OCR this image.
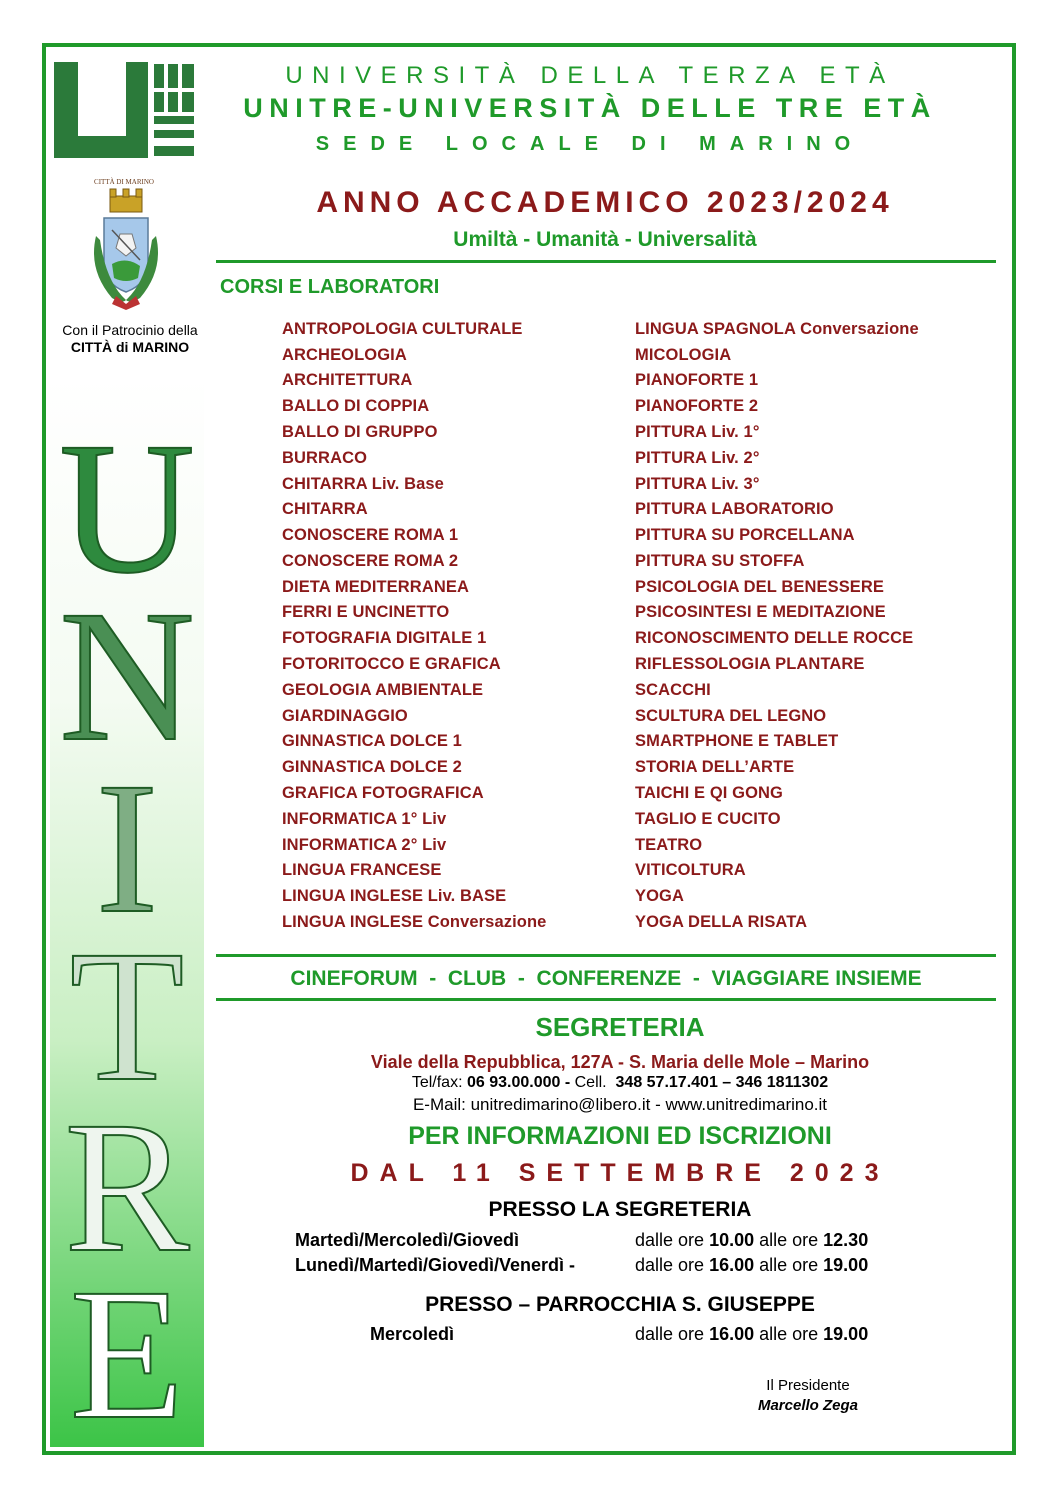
UNIVERSITÀ DELLA TERZA ETÀ
UNITRE-UNIVERSITÀ DELLE TRE ETÀ
SEDE LOCALE DI MARINO
CITTÀ DI MARINO
Con il Patrocinio della
CITTÀ di MARINO
U
N
I
T
R
E
ANNO ACCADEMICO 2023/2024
Umiltà - Umanità - Universalità
CORSI E LABORATORI
ANTROPOLOGIA CULTURALE
ARCHEOLOGIA
ARCHITETTURA
BALLO DI COPPIA
BALLO DI GRUPPO
BURRACO
CHITARRA Liv. Base
CHITARRA
CONOSCERE ROMA 1
CONOSCERE ROMA 2
DIETA MEDITERRANEA
FERRI E UNCINETTO
FOTOGRAFIA DIGITALE 1
FOTORITOCCO E GRAFICA
GEOLOGIA AMBIENTALE
GIARDINAGGIO
GINNASTICA DOLCE 1
GINNASTICA DOLCE 2
GRAFICA FOTOGRAFICA
INFORMATICA 1° Liv
INFORMATICA 2° Liv
LINGUA FRANCESE
LINGUA INGLESE Liv. BASE
LINGUA INGLESE Conversazione
LINGUA SPAGNOLA Conversazione
MICOLOGIA
PIANOFORTE 1
PIANOFORTE 2
PITTURA Liv. 1°
PITTURA Liv. 2°
PITTURA Liv. 3°
PITTURA LABORATORIO
PITTURA SU PORCELLANA
PITTURA SU STOFFA
PSICOLOGIA DEL BENESSERE
PSICOSINTESI E MEDITAZIONE
RICONOSCIMENTO DELLE ROCCE
RIFLESSOLOGIA PLANTARE
SCACCHI
SCULTURA DEL LEGNO
SMARTPHONE E TABLET
STORIA DELL’ARTE
TAICHI E QI GONG
TAGLIO E CUCITO
TEATRO
VITICOLTURA
YOGA
YOGA DELLA RISATA
CINEFORUM  -  CLUB  -  CONFERENZE  -  VIAGGIARE INSIEME
SEGRETERIA
Viale della Repubblica, 127A - S. Maria delle Mole – Marino
Tel/fax: 06 93.00.000 - Cell.  348 57.17.401 – 346 1811302
E-Mail: unitredimarino@libero.it - www.unitredimarino.it
PER INFORMAZIONI ED ISCRIZIONI
DAL 11 SETTEMBRE 2023
PRESSO LA SEGRETERIA
Martedì/Mercoledì/Giovedì	dalle ore 10.00 alle ore 12.30
Lunedì/Martedì/Giovedì/Venerdì -	dalle ore 16.00 alle ore 19.00
PRESSO – PARROCCHIA S. GIUSEPPE
Mercoledì	dalle ore 16.00 alle ore 19.00
Il Presidente
Marcello Zega
